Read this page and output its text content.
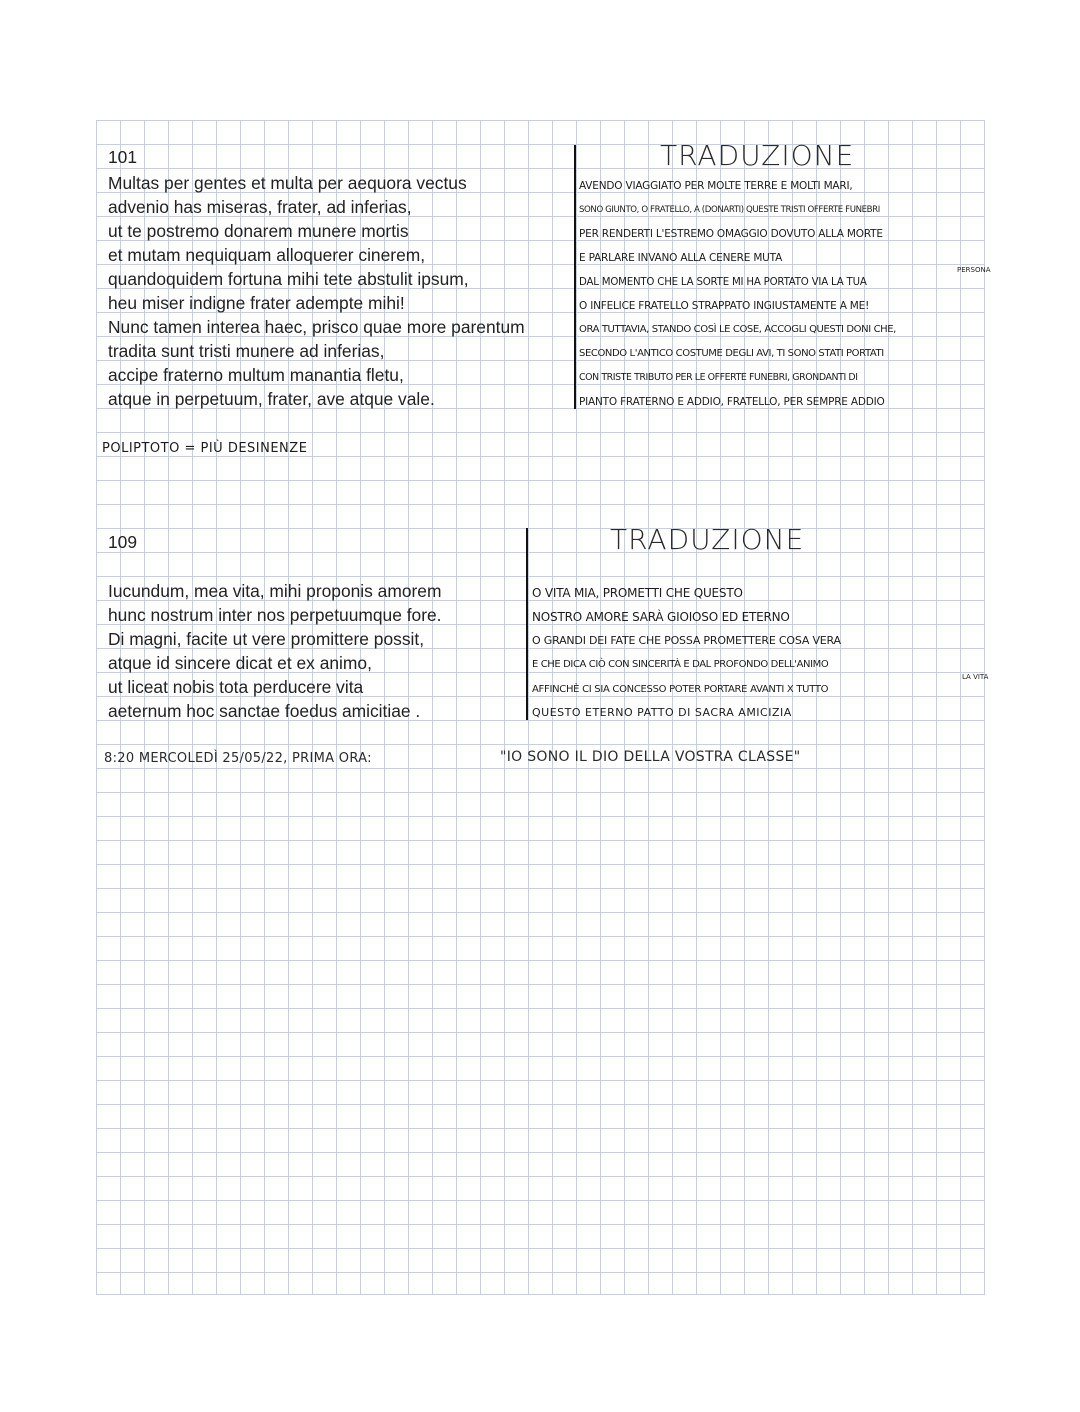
101
Multas per gentes et multa per aequora vectus
advenio has miseras, frater, ad inferias,
ut te postremo donarem munere mortis
et mutam nequiquam alloquerer cinerem,
quandoquidem fortuna mihi tete abstulit ipsum,
heu miser indigne frater adempte mihi!
Nunc tamen interea haec, prisco quae more parentum
tradita sunt tristi munere ad inferias,
accipe fraterno multum manantia fletu,
atque in perpetuum, frater, ave atque vale.
TRADUZIONE
AVENDO VIAGGIATO PER MOLTE TERRE E MOLTI MARI,
SONO GIUNTO, O FRATELLO, A (DONARTI) QUESTE TRISTI OFFERTE FUNEBRI
PER RENDERTI L'ESTREMO OMAGGIO DOVUTO ALLA MORTE
E PARLARE INVANO ALLA CENERE MUTA
DAL MOMENTO CHE LA SORTE MI HA PORTATO VIA LA TUA
PERSONA
O INFELICE FRATELLO STRAPPATO INGIUSTAMENTE A ME!
ORA TUTTAVIA, STANDO COSÌ LE COSE, ACCOGLI QUESTI DONI CHE,
SECONDO L'ANTICO COSTUME DEGLI AVI, TI SONO STATI PORTATI
CON TRISTE TRIBUTO PER LE OFFERTE FUNEBRI, GRONDANTI DI
PIANTO FRATERNO E ADDIO, FRATELLO, PER SEMPRE ADDIO
POLIPTOTO = PIÙ DESINENZE
109
Iucundum, mea vita, mihi proponis amorem
hunc nostrum inter nos perpetuumque fore.
Di magni, facite ut vere promittere possit,
atque id sincere dicat et ex animo,
ut liceat nobis tota perducere vita
aeternum hoc sanctae foedus amicitiae .
TRADUZIONE
O VITA MIA, PROMETTI CHE QUESTO
NOSTRO AMORE SARÀ GIOIOSO ED ETERNO
O GRANDI DEI FATE CHE POSSA PROMETTERE COSA VERA
E CHE DICA CIÒ CON SINCERITÀ E DAL PROFONDO DELL'ANIMO
AFFINCHÈ CI SIA CONCESSO POTER PORTARE AVANTI X TUTTO
LA VITA
QUESTO ETERNO PATTO DI SACRA AMICIZIA
8:20 MERCOLEDÌ 25/05/22, PRIMA ORA:	"IO SONO IL DIO DELLA VOSTRA CLASSE"
